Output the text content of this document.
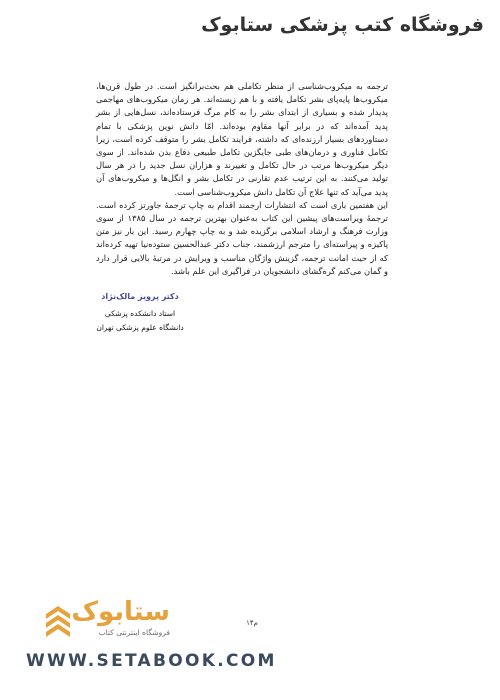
فروشگاه کتب پزشکی ستابوک

ترجمه به میکروب‌شناسی از منظر تکاملی هم بحث‌برانگیز است. در طول قرن‌ها، میکروب‌ها پایه‌پای بشر تکامل یافته و با هم زیسته‌اند. هر زمان میکروب‌های مهاجمی پدیدار شده و بسیاری از ابتدای بشر را به کام مرگ فرستاده‌اند، نسل‌هایی از بشر پدید آمده‌اند که در برابر آنها مقاوم بوده‌اند. امّا دانش نوین پزشکی با تمام دستاوردهای بسیار ارزنده‌ای که داشته، فرایند تکامل بشر را متوقف کرده است، زیرا تکامل فناوری و درمان‌های طبی جایگزین تکامل طبیعی دفاع بدن شده‌اند. از سوی دیگر میکروب‌ها مرتب در حال تکامل و تغییرند و هزاران نسل جدید را در هر سال تولید می‌کنند. به این ترتیب عدم تقارنی در تکامل بشر و انگل‌ها و میکروب‌های آن پدید می‌آید که تنها علاج آن تکامل دانش میکروب‌شناسی است.

این هفتمین باری است که انتشارات ارجمند اقدام به چاپ ترجمهٔ جاورتز کرده است. ترجمهٔ ویراست‌های پیشین این کتاب به‌عنوان بهترین ترجمه در سال ۱۳۸۵ از سوی وزارت فرهنگ و ارشاد اسلامی برگزیده شد و به چاپ چهارم رسید. این بار نیز متن پاکیزه و پیراسته‌ای را مترجم ارزشمند، جناب دکتر عبدالحسین ستوده‌نیا تهیه کرده‌اند که از حیث امانت ترجمه، گزینش واژگان مناسب و ویرایش در مرتبهٔ بالایی قرار دارد و گمان می‌کنم گره‌گشای دانشجویان در فراگیری این علم باشد.

دکتر پرویز مالک‌نژاد
استاد دانشکده پزشکی
دانشگاه علوم پزشکی تهران
۱۴م
ستابوک
فروشگاه اینترنتی کتاب
WWW.SETABOOK.COM
